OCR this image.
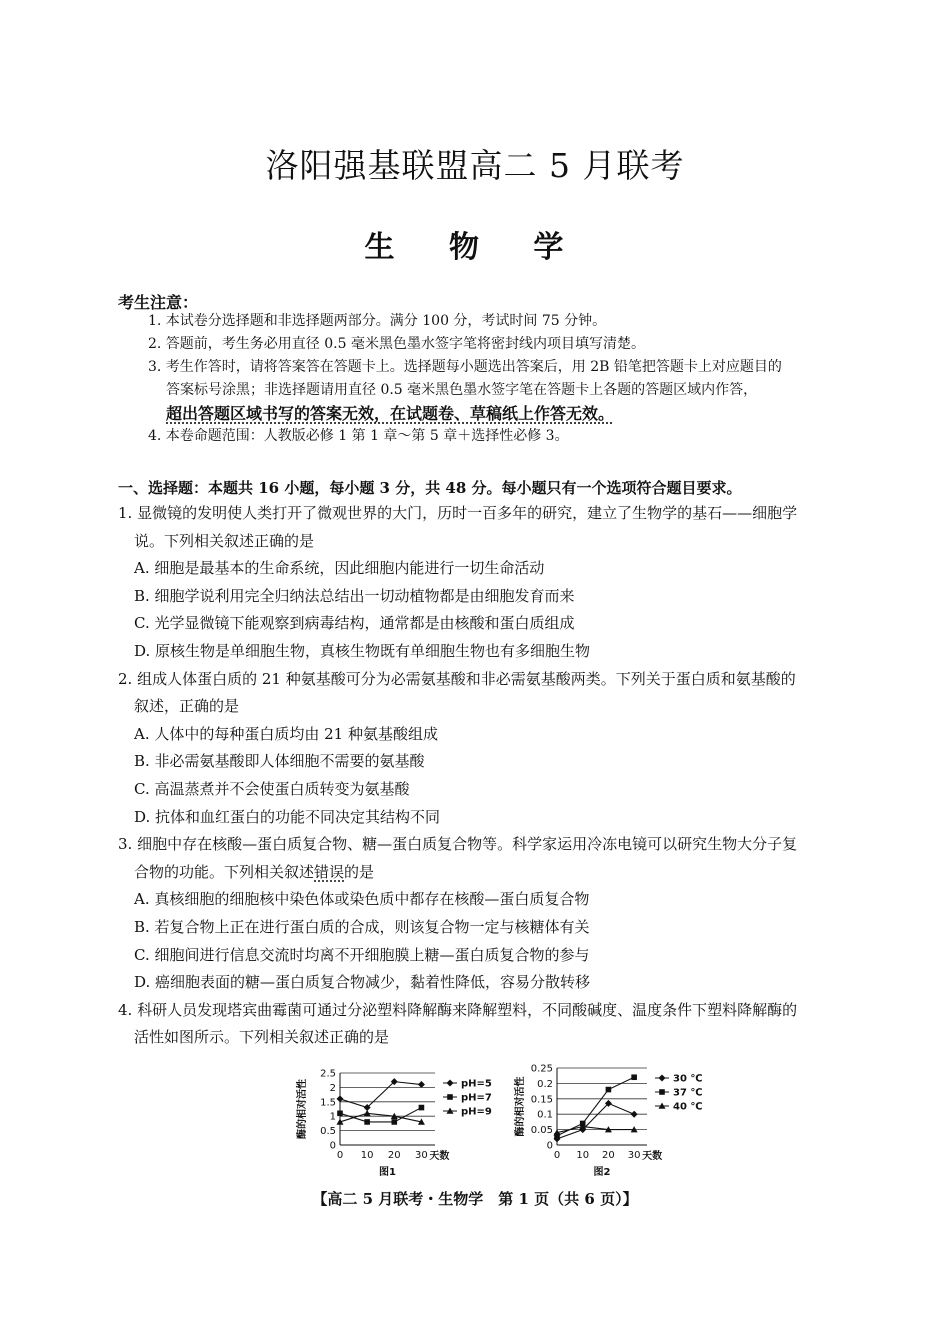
洛阳强基联盟高二 5 月联考
生 物 学
考生注意：
1. 本试卷分选择题和非选择题两部分。满分 100 分，考试时间 75 分钟。
2. 答题前，考生务必用直径 0.5 毫米黑色墨水签字笔将密封线内项目填写清楚。
3. 考生作答时，请将答案答在答题卡上。选择题每小题选出答案后，用 2B 铅笔把答题卡上对应题目的
答案标号涂黑；非选择题请用直径 0.5 毫米黑色墨水签字笔在答题卡上各题的答题区域内作答，
超出答题区域书写的答案无效，在试题卷、草稿纸上作答无效。
4. 本卷命题范围：人教版必修 1 第 1 章～第 5 章＋选择性必修 3。
一、选择题：本题共 16 小题，每小题 3 分，共 48 分。每小题只有一个选项符合题目要求。
1. 显微镜的发明使人类打开了微观世界的大门，历时一百多年的研究，建立了生物学的基石——细胞学
说。下列相关叙述正确的是
A. 细胞是最基本的生命系统，因此细胞内能进行一切生命活动
B. 细胞学说利用完全归纳法总结出一切动植物都是由细胞发育而来
C. 光学显微镜下能观察到病毒结构，通常都是由核酸和蛋白质组成
D. 原核生物是单细胞生物，真核生物既有单细胞生物也有多细胞生物
2. 组成人体蛋白质的 21 种氨基酸可分为必需氨基酸和非必需氨基酸两类。下列关于蛋白质和氨基酸的
叙述，正确的是
A. 人体中的每种蛋白质均由 21 种氨基酸组成
B. 非必需氨基酸即人体细胞不需要的氨基酸
C. 高温蒸煮并不会使蛋白质转变为氨基酸
D. 抗体和血红蛋白的功能不同决定其结构不同
3. 细胞中存在核酸—蛋白质复合物、糖—蛋白质复合物等。科学家运用冷冻电镜可以研究生物大分子复
合物的功能。下列相关叙述错误的是
A. 真核细胞的细胞核中染色体或染色质中都存在核酸—蛋白质复合物
B. 若复合物上正在进行蛋白质的合成，则该复合物一定与核糖体有关
C. 细胞间进行信息交流时均离不开细胞膜上糖—蛋白质复合物的参与
D. 癌细胞表面的糖—蛋白质复合物减少，黏着性降低，容易分散转移
4. 科研人员发现塔宾曲霉菌可通过分泌塑料降解酶来降解塑料，不同酸碱度、温度条件下塑料降解酶的
活性如图所示。下列相关叙述正确的是
0
0.5
1
1.5
2
2.5
0 10 20 30 天数
酶的相对活性
图1
pH=5
pH=7
pH=9
0
0.05
0.1
0.15
0.2
0.25
0 10 20 30 天数
酶的相对活性
图2
30 ℃
37 ℃
40 ℃
【高二 5 月联考・生物学　第 1 页（共 6 页）】
